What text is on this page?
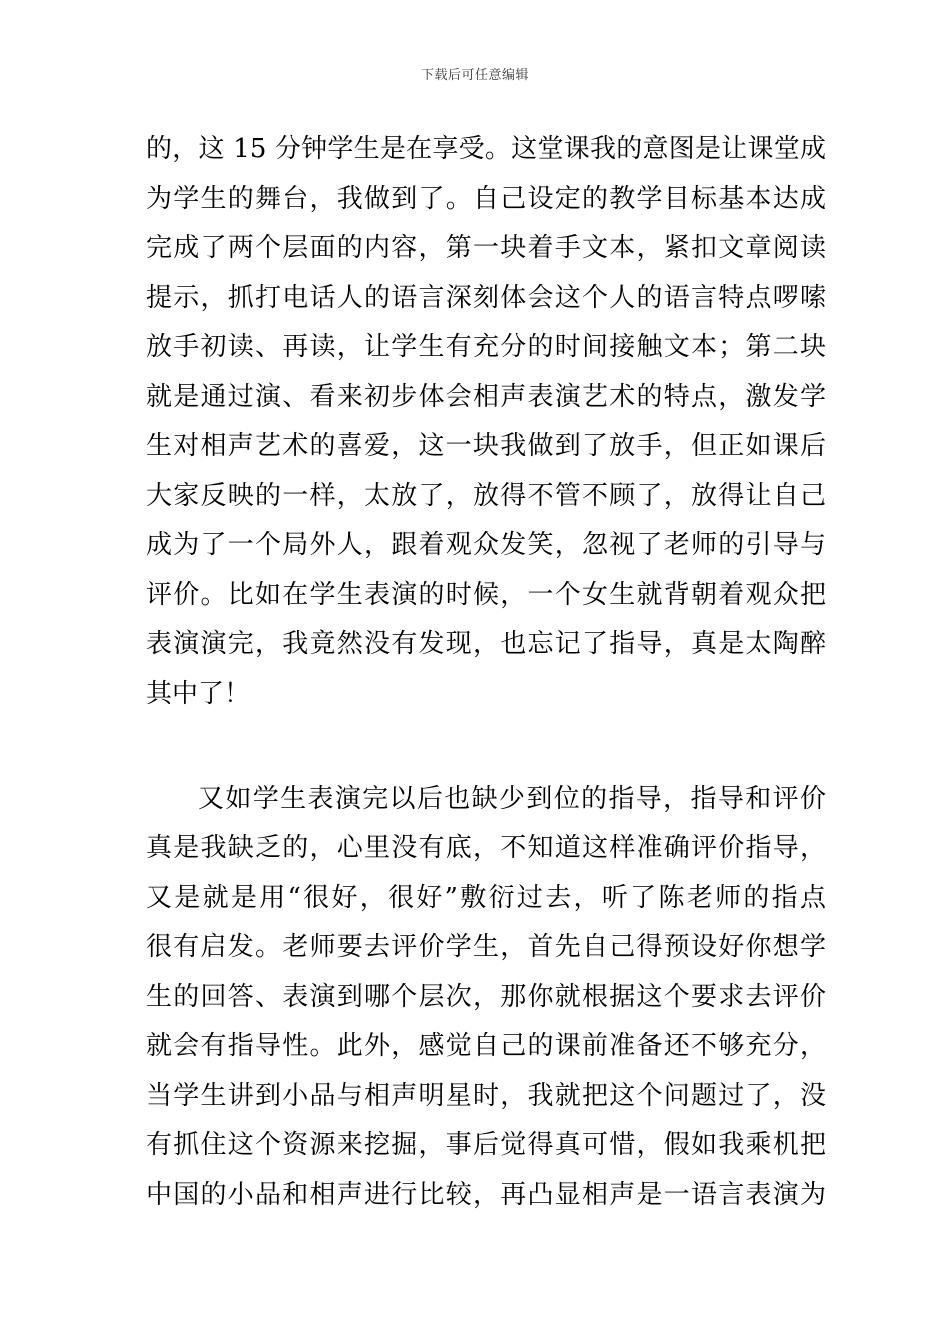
下载后可任意编辑
的，这 15 分钟学生是在享受。这堂课我的意图是让课堂成
为学生的舞台，我做到了。自己设定的教学目标基本达成
完成了两个层面的内容，第一块着手文本，紧扣文章阅读
提示，抓打电话人的语言深刻体会这个人的语言特点啰嗦
放手初读、再读，让学生有充分的时间接触文本；第二块
就是通过演、看来初步体会相声表演艺术的特点，激发学
生对相声艺术的喜爱，这一块我做到了放手，但正如课后
大家反映的一样，太放了，放得不管不顾了，放得让自己
成为了一个局外人，跟着观众发笑，忽视了老师的引导与
评价。比如在学生表演的时候，一个女生就背朝着观众把
表演演完，我竟然没有发现，也忘记了指导，真是太陶醉
其中了！
又如学生表演完以后也缺少到位的指导，指导和评价
真是我缺乏的，心里没有底，不知道这样准确评价指导，
又是就是用“很好，很好”敷衍过去，听了陈老师的指点
很有启发。老师要去评价学生，首先自己得预设好你想学
生的回答、表演到哪个层次，那你就根据这个要求去评价
就会有指导性。此外，感觉自己的课前准备还不够充分，
当学生讲到小品与相声明星时，我就把这个问题过了，没
有抓住这个资源来挖掘，事后觉得真可惜，假如我乘机把
中国的小品和相声进行比较，再凸显相声是一语言表演为
